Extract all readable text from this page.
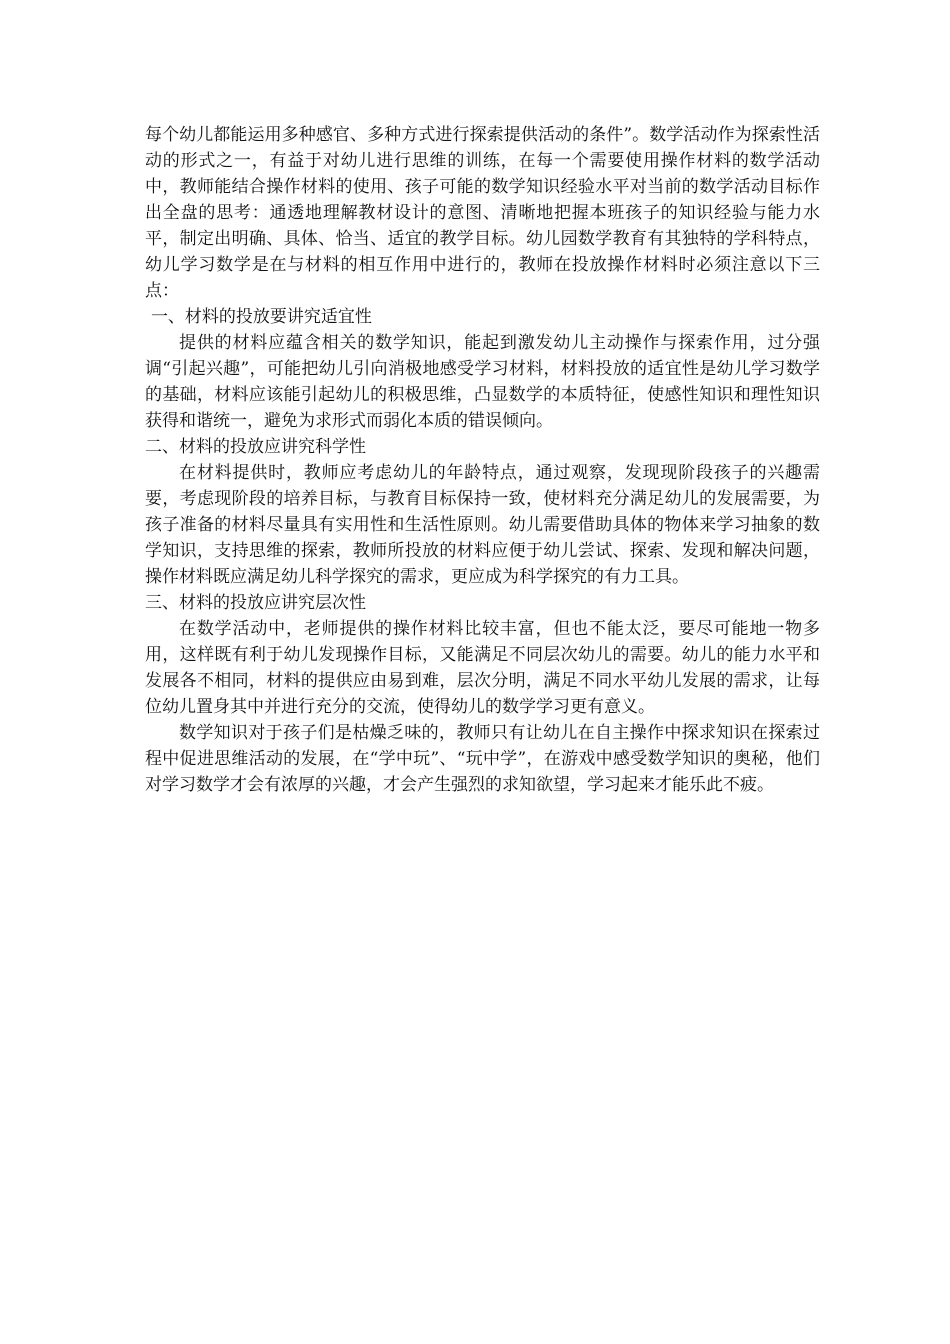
每个幼儿都能运用多种感官、多种方式进行探索提供活动的条件”。数学活动作为探索性活动的形式之一，有益于对幼儿进行思维的训练，在每一个需要使用操作材料的数学活动中，教师能结合操作材料的使用、孩子可能的数学知识经验水平对当前的数学活动目标作出全盘的思考：通透地理解教材设计的意图、清晰地把握本班孩子的知识经验与能力水平，制定出明确、具体、恰当、适宜的教学目标。幼儿园数学教育有其独特的学科特点，幼儿学习数学是在与材料的相互作用中进行的，教师在投放操作材料时必须注意以下三点：

一、材料的投放要讲究适宜性

提供的材料应蕴含相关的数学知识，能起到激发幼儿主动操作与探索作用，过分强调“引起兴趣”，可能把幼儿引向消极地感受学习材料，材料投放的适宜性是幼儿学习数学的基础，材料应该能引起幼儿的积极思维，凸显数学的本质特征，使感性知识和理性知识获得和谐统一，避免为求形式而弱化本质的错误倾向。

二、材料的投放应讲究科学性

在材料提供时，教师应考虑幼儿的年龄特点，通过观察，发现现阶段孩子的兴趣需要，考虑现阶段的培养目标，与教育目标保持一致，使材料充分满足幼儿的发展需要，为孩子准备的材料尽量具有实用性和生活性原则。幼儿需要借助具体的物体来学习抽象的数学知识，支持思维的探索，教师所投放的材料应便于幼儿尝试、探索、发现和解决问题，操作材料既应满足幼儿科学探究的需求，更应成为科学探究的有力工具。

三、材料的投放应讲究层次性

在数学活动中，老师提供的操作材料比较丰富，但也不能太泛，要尽可能地一物多用，这样既有利于幼儿发现操作目标，又能满足不同层次幼儿的需要。幼儿的能力水平和发展各不相同，材料的提供应由易到难，层次分明，满足不同水平幼儿发展的需求，让每位幼儿置身其中并进行充分的交流，使得幼儿的数学学习更有意义。

数学知识对于孩子们是枯燥乏味的，教师只有让幼儿在自主操作中探求知识在探索过程中促进思维活动的发展，在“学中玩”、“玩中学”，在游戏中感受数学知识的奥秘，他们对学习数学才会有浓厚的兴趣，才会产生强烈的求知欲望，学习起来才能乐此不疲。
